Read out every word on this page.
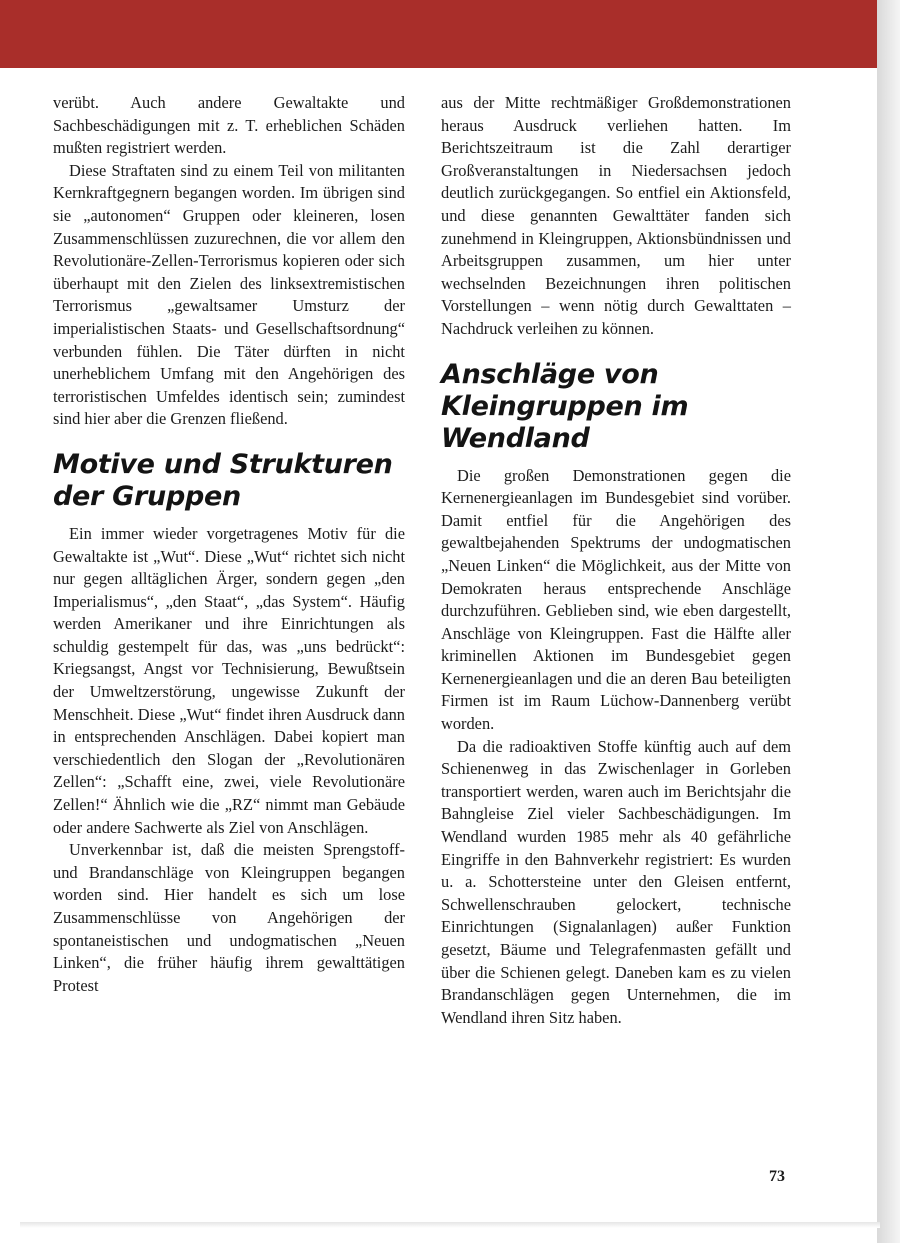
verübt. Auch andere Gewaltakte und Sachbeschädigungen mit z. T. erheblichen Schäden mußten registriert werden.

Diese Straftaten sind zu einem Teil von militanten Kernkraftgegnern begangen worden. Im übrigen sind sie „autonomen“ Gruppen oder kleineren, losen Zusammenschlüssen zuzurechnen, die vor allem den Revolutionäre-Zellen-Terrorismus kopieren oder sich überhaupt mit den Zielen des linksextremistischen Terrorismus „gewaltsamer Umsturz der imperialistischen Staats- und Gesellschaftsordnung“ verbunden fühlen. Die Täter dürften in nicht unerheblichem Umfang mit den Angehörigen des terroristischen Umfeldes identisch sein; zumindest sind hier aber die Grenzen fließend.

Motive und Strukturen der Gruppen

Ein immer wieder vorgetragenes Motiv für die Gewaltakte ist „Wut“. Diese „Wut“ richtet sich nicht nur gegen alltäglichen Ärger, sondern gegen „den Imperialismus“, „den Staat“, „das System“. Häufig werden Amerikaner und ihre Einrichtungen als schuldig gestempelt für das, was „uns bedrückt“: Kriegsangst, Angst vor Technisierung, Bewußtsein der Umweltzerstörung, ungewisse Zukunft der Menschheit. Diese „Wut“ findet ihren Ausdruck dann in entsprechenden Anschlägen. Dabei kopiert man verschiedentlich den Slogan der „Revolutionären Zellen“: „Schafft eine, zwei, viele Revolutionäre Zellen!“ Ähnlich wie die „RZ“ nimmt man Gebäude oder andere Sachwerte als Ziel von Anschlägen.

Unverkennbar ist, daß die meisten Sprengstoff- und Brandanschläge von Kleingruppen begangen worden sind. Hier handelt es sich um lose Zusammenschlüsse von Angehörigen der spontaneistischen und undogmatischen „Neuen Linken“, die früher häufig ihrem gewalttätigen Protest

aus der Mitte rechtmäßiger Großdemonstrationen heraus Ausdruck verliehen hatten. Im Berichtszeitraum ist die Zahl derartiger Großveranstaltungen in Niedersachsen jedoch deutlich zurückgegangen. So entfiel ein Aktionsfeld, und diese genannten Gewalttäter fanden sich zunehmend in Kleingruppen, Aktionsbündnissen und Arbeitsgruppen zusammen, um hier unter wechselnden Bezeichnungen ihren politischen Vorstellungen – wenn nötig durch Gewalttaten – Nachdruck verleihen zu können.

Anschläge von Kleingruppen im Wendland

Die großen Demonstrationen gegen die Kernenergieanlagen im Bundesgebiet sind vorüber. Damit entfiel für die Angehörigen des gewaltbejahenden Spektrums der undogmatischen „Neuen Linken“ die Möglichkeit, aus der Mitte von Demokraten heraus entsprechende Anschläge durchzuführen. Geblieben sind, wie eben dargestellt, Anschläge von Kleingruppen. Fast die Hälfte aller kriminellen Aktionen im Bundesgebiet gegen Kernenergieanlagen und die an deren Bau beteiligten Firmen ist im Raum Lüchow-Dannenberg verübt worden.

Da die radioaktiven Stoffe künftig auch auf dem Schienenweg in das Zwischenlager in Gorleben transportiert werden, waren auch im Berichtsjahr die Bahngleise Ziel vieler Sachbeschädigungen. Im Wendland wurden 1985 mehr als 40 gefährliche Eingriffe in den Bahnverkehr registriert: Es wurden u. a. Schottersteine unter den Gleisen entfernt, Schwellenschrauben gelockert, technische Einrichtungen (Signalanlagen) außer Funktion gesetzt, Bäume und Telegrafenmasten gefällt und über die Schienen gelegt. Daneben kam es zu vielen Brandanschlägen gegen Unternehmen, die im Wendland ihren Sitz haben.

73
